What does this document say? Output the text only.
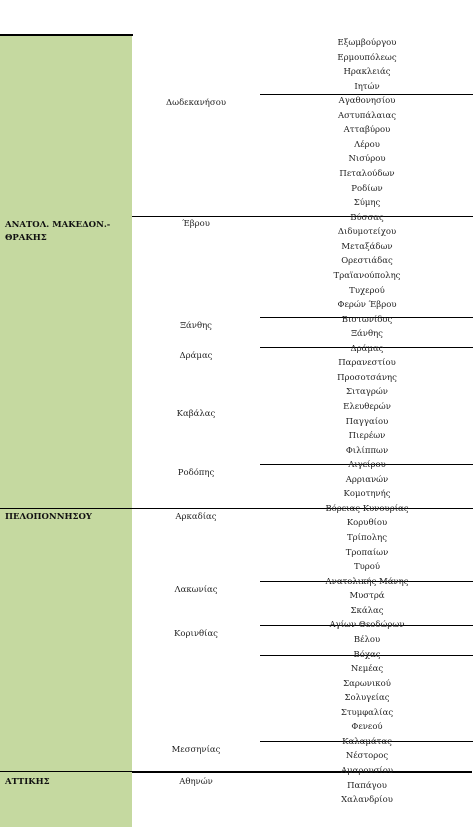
ΑΝΑΤΟΛ. ΜΑΚΕΔΟΝ.-ΘΡΑΚΗΣ
ΠΕΛΟΠΟΝΝΗΣΟΥ
ΑΤΤΙΚΗΣ
Δωδεκανήσου
Έβρου
Ξάνθης
Δράμας
Καβάλας
Ροδόπης
Αρκαδίας
Λακωνίας
Κορινθίας
Μεσσηνίας
Αθηνών
Εξωμβούργου
Ερμουπόλεως
Ηρακλειάς
Ιητών
Αγαθονησίου
Αστυπάλαιας
Ατταβύρου
Λέρου
Νισύρου
Πεταλούδων
Ροδίων
Σύμης
Βύσσας
Διδυμοτείχου
Μεταξάδων
Ορεστιάδας
Τραϊανούπολης
Τυχερού
Φερών Έβρου
Βιστωνίδος
Ξάνθης
Δράμας
Παρανεστίου
Προσοτσάνης
Σιταγρών
Ελευθερών
Παγγαίου
Πιερέων
Φιλίππων
Αιγείρου
Αρριανών
Κομοτηνής
Βόρειας Κυνουρίας
Κορυθίου
Τρίπολης
Τροπαίων
Τυρού
Ανατολικής Μάνης
Μυστρά
Σκάλας
Αγίων Θεοδώρων
Βέλου
Βόχας
Νεμέας
Σαρωνικού
Σολυγείας
Στυμφαλίας
Φενεού
Καλαμάτας
Νέστορος
Αμαρουσίου
Παπάγου
Χαλανδρίου
